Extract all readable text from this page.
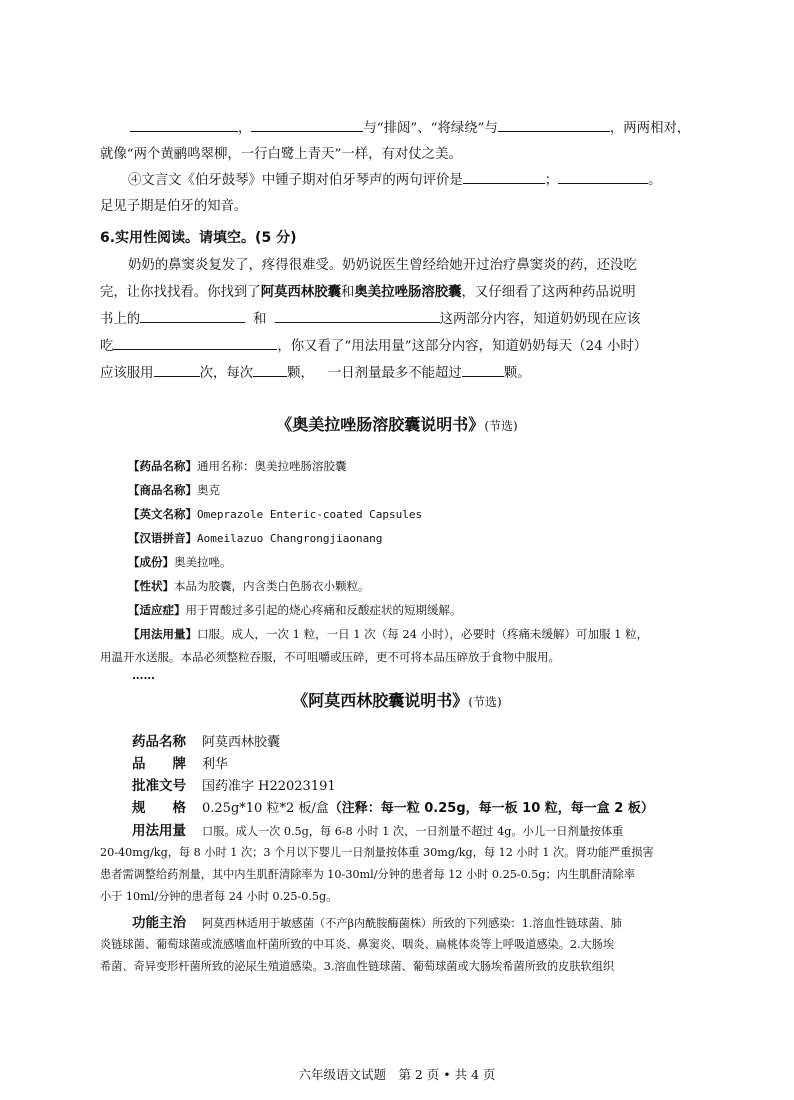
，	与“排闼”、“将绿绕”与	，两两相对，
就像“两个黄鹂鸣翠柳，一行白鹭上青天”一样，有对仗之美。
④文言文《伯牙鼓琴》中锺子期对伯牙琴声的两句评价是	；	。
足见子期是伯牙的知音。
6.实用性阅读。请填空。(5 分)
奶奶的鼻窦炎复发了，疼得很难受。奶奶说医生曾经给她开过治疗鼻窦炎的药，还没吃
完，让你找找看。你找到了阿莫西林胶囊和奥美拉唑肠溶胶囊，又仔细看了这两种药品说明
书上的	和	这两部分内容，知道奶奶现在应该
吃	，你又看了“用法用量”这部分内容，知道奶奶每天（24 小时）
应该服用	次，每次	颗， 一日剂量最多不能超过	颗。
《奥美拉唑肠溶胶囊说明书》(节选)
【药品名称】通用名称：奥美拉唑肠溶胶囊
【商品名称】奥克
【英文名称】Omeprazole Enteric-coated Capsules
【汉语拼音】Aomeilazuo Changrongjiaonang
【成份】奥美拉唑。
【性状】本品为胶囊，内含类白色肠衣小颗粒。
【适应症】用于胃酸过多引起的烧心疼痛和反酸症状的短期缓解。
【用法用量】口服。成人，一次 1 粒，一日 1 次（每 24 小时），必要时（疼痛未缓解）可加服 1 粒，
用温开水送服。本品必须整粒吞服，不可咀嚼或压碎，更不可将本品压碎放于食物中服用。
……
《阿莫西林胶囊说明书》(节选)
药品名称 阿莫西林胶囊
品　　牌 利华
批准文号 国药准字 H22023191
规　　格 0.25g*10 粒*2 板/盒（注释：每一粒 0.25g，每一板 10 粒，每一盒 2 板）
用法用量 口服。成人一次 0.5g，每 6-8 小时 1 次，一日剂量不超过 4g。小儿一日剂量按体重
20-40mg/kg，每 8 小时 1 次；3 个月以下婴儿一日剂量按体重 30mg/kg，每 12 小时 1 次。肾功能严重损害
患者需调整给药剂量，其中内生肌酐清除率为 10-30ml/分钟的患者每 12 小时 0.25-0.5g；内生肌酐清除率
小于 10ml/分钟的患者每 24 小时 0.25-0.5g。
功能主治 阿莫西林适用于敏感菌（不产β内酰胺酶菌株）所致的下列感染：1.溶血性链球菌、肺
炎链球菌、葡萄球菌或流感嗜血杆菌所致的中耳炎、鼻窦炎、咽炎、扁桃体炎等上呼吸道感染。2.大肠埃
希菌、奇异变形杆菌所致的泌尿生殖道感染。3.溶血性链球菌、葡萄球菌或大肠埃希菌所致的皮肤软组织
六年级语文试题　第 2 页 • 共 4 页
